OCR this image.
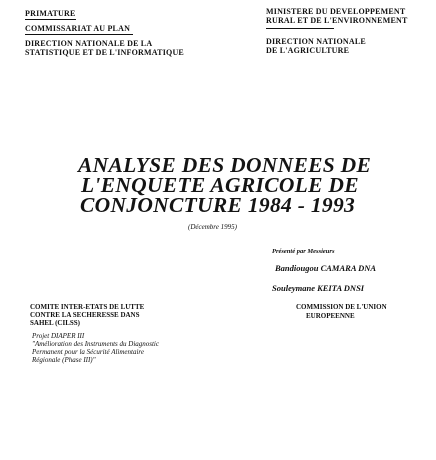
PRIMATURE
COMMISSARIAT AU PLAN
DIRECTION NATIONALE DE LA
STATISTIQUE ET DE L'INFORMATIQUE
MINISTERE DU DEVELOPPEMENT
RURAL ET DE L'ENVIRONNEMENT
DIRECTION NATIONALE
DE L'AGRICULTURE
ANALYSE DES DONNEES DE
L'ENQUETE AGRICOLE DE
CONJONCTURE 1984 - 1993
(Décembre 1995)
Présenté par Messieurs
Bandiougou CAMARA DNA
Souleymane KEITA DNSI
COMITE INTER-ETATS DE LUTTE
CONTRE LA SECHERESSE DANS
SAHEL (CILSS)
Projet DIAPER III
"Amélioration des Instruments du Diagnostic
Permanent pour la Sécurité Alimentaire
Régionale (Phase III)"
COMMISSION DE L'UNION
EUROPEENNE
